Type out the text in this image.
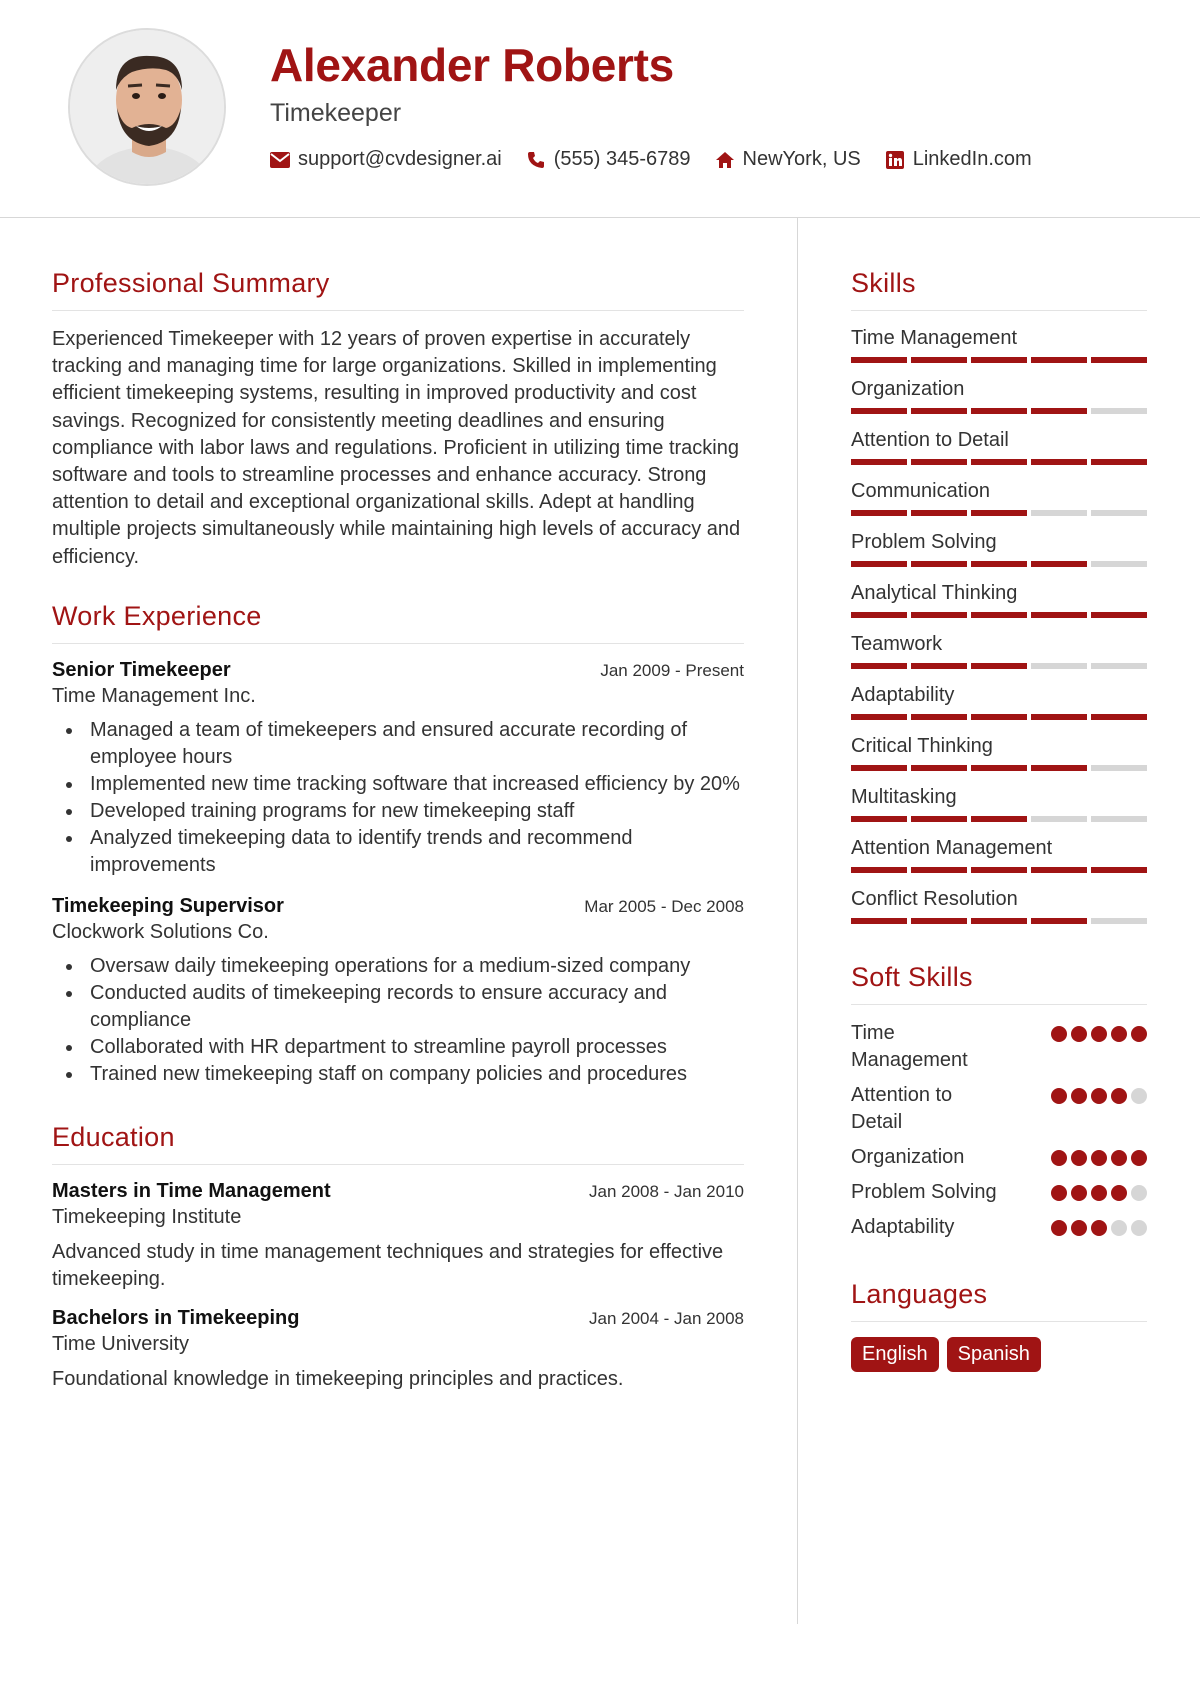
Alexander Roberts
Timekeeper
support@cvdesigner.ai	(555) 345-6789	NewYork, US	LinkedIn.com
Professional Summary

Experienced Timekeeper with 12 years of proven expertise in accurately tracking and managing time for large organizations. Skilled in implementing efficient timekeeping systems, resulting in improved productivity and cost savings. Recognized for consistently meeting deadlines and ensuring compliance with labor laws and regulations. Proficient in utilizing time tracking software and tools to streamline processes and enhance accuracy. Strong attention to detail and exceptional organizational skills. Adept at handling multiple projects simultaneously while maintaining high levels of accuracy and efficiency.

Work Experience
Senior Timekeeper	Jan 2009 - Present
Time Management Inc.
Managed a team of timekeepers and ensured accurate recording of employee hours
Implemented new time tracking software that increased efficiency by 20%
Developed training programs for new timekeeping staff
Analyzed timekeeping data to identify trends and recommend improvements
Timekeeping Supervisor	Mar 2005 - Dec 2008
Clockwork Solutions Co.
Oversaw daily timekeeping operations for a medium-sized company
Conducted audits of timekeeping records to ensure accuracy and compliance
Collaborated with HR department to streamline payroll processes
Trained new timekeeping staff on company policies and procedures
Education
Masters in Time Management	Jan 2008 - Jan 2010
Timekeeping Institute

Advanced study in time management techniques and strategies for effective timekeeping.

Bachelors in Timekeeping	Jan 2004 - Jan 2008
Time University

Foundational knowledge in timekeeping principles and practices.

Skills
Time Management
Organization
Attention to Detail
Communication
Problem Solving
Analytical Thinking
Teamwork
Adaptability
Critical Thinking
Multitasking
Attention Management
Conflict Resolution
Soft Skills
Time Management
Attention to Detail
Organization
Problem Solving
Adaptability
Languages
English	Spanish
